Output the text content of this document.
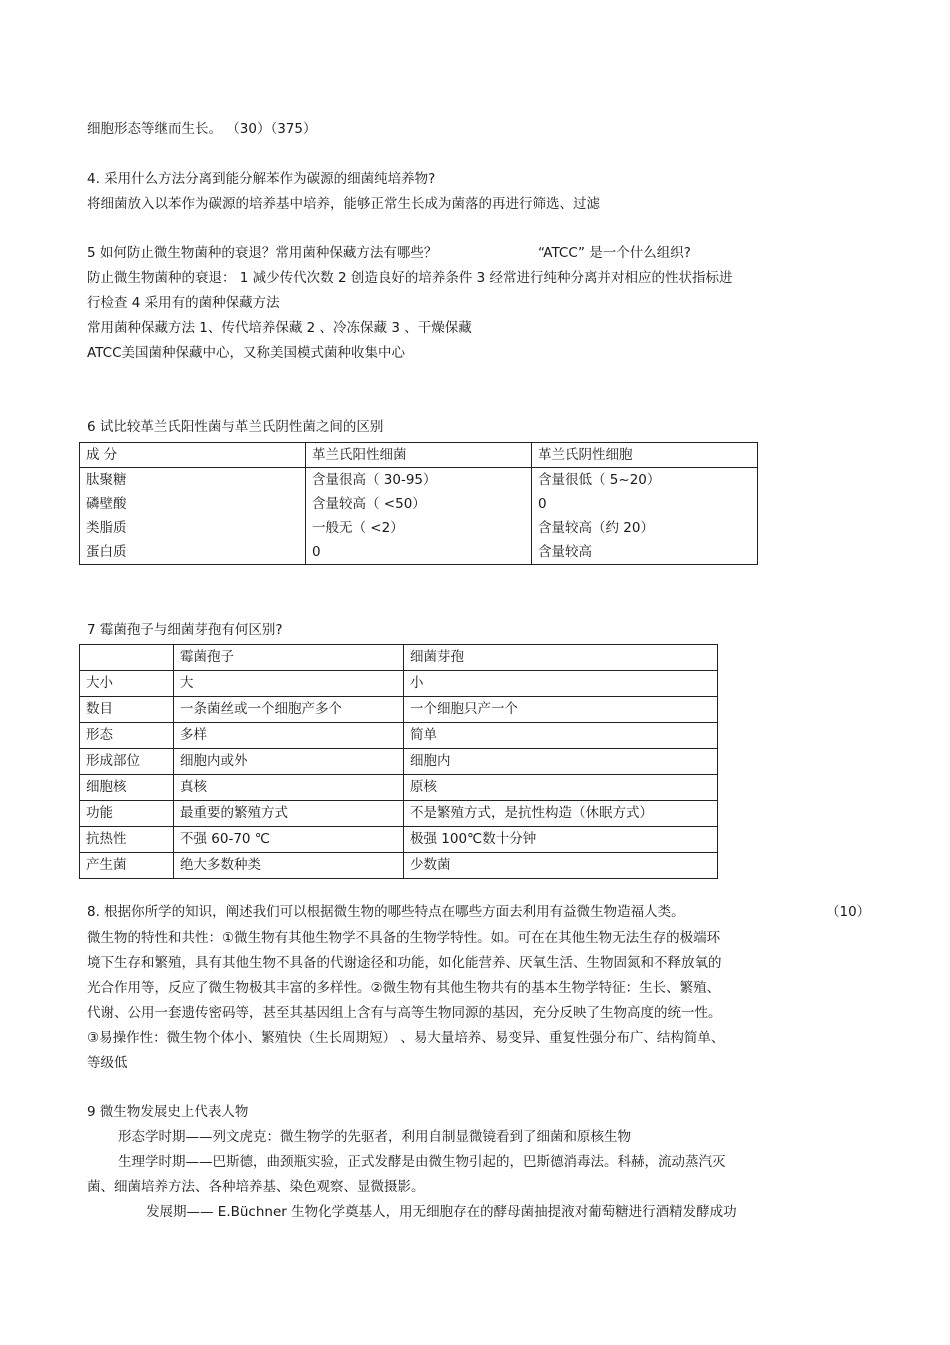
细胞形态等继而生长。 （30）（375）
4. 采用什么方法分离到能分解苯作为碳源的细菌纯培养物?
将细菌放入以苯作为碳源的培养基中培养，能够正常生长成为菌落的再进行筛选、过滤
5 如何防止微生物菌种的衰退？常用菌种保藏方法有哪些？	“ATCC” 是一个什么组织?
防止微生物菌种的衰退： 1 减少传代次数 2 创造良好的培养条件 3 经常进行纯种分离并对相应的性状指标进
行检查 4 采用有的菌种保藏方法
常用菌种保藏方法 1、传代培养保藏 2 、冷冻保藏 3 、干燥保藏
ATCC美国菌种保藏中心，又称美国模式菌种收集中心
6 试比较革兰氏阳性菌与革兰氏阴性菌之间的区别
成 分	革兰氏阳性细菌	革兰氏阴性细胞
肽聚糖	含量很高（ 30-95）	含量很低（ 5~20）
磷壁酸	含量较高（ <50）	0
类脂质	一般无（ <2）	含量较高（约 20）
蛋白质	0	含量较高
7 霉菌孢子与细菌芽孢有何区别?
	霉菌孢子	细菌芽孢
大小	大	小
数目	一条菌丝或一个细胞产多个	一个细胞只产一个
形态	多样	简单
形成部位	细胞内或外	细胞内
细胞核	真核	原核
功能	最重要的繁殖方式	不是繁殖方式，是抗性构造（休眠方式）
抗热性	不强 60-70 ℃	极强 100℃数十分钟
产生菌	绝大多数种类	少数菌
8. 根据你所学的知识，阐述我们可以根据微生物的哪些特点在哪些方面去利用有益微生物造福人类。	（10）
微生物的特性和共性：①微生物有其他生物学不具备的生物学特性。如。可在在其他生物无法生存的极端环
境下生存和繁殖，具有其他生物不具备的代谢途径和功能，如化能营养、厌氧生活、生物固氮和不释放氧的
光合作用等，反应了微生物极其丰富的多样性。②微生物有其他生物共有的基本生物学特征：生长、繁殖、
代谢、公用一套遗传密码等，甚至其基因组上含有与高等生物同源的基因，充分反映了生物高度的统一性。
③易操作性：微生物个体小、繁殖快（生长周期短） 、易大量培养、易变异、重复性强分布广、结构简单、
等级低
9 微生物发展史上代表人物
形态学时期——列文虎克：微生物学的先驱者，利用自制显微镜看到了细菌和原核生物
生理学时期——巴斯德，曲颈瓶实验，正式发酵是由微生物引起的，巴斯德消毒法。科赫，流动蒸汽灭
菌、细菌培养方法、各种培养基、染色观察、显微摄影。
发展期—— E.Büchner 生物化学奠基人，用无细胞存在的酵母菌抽提液对葡萄糖进行酒精发酵成功
